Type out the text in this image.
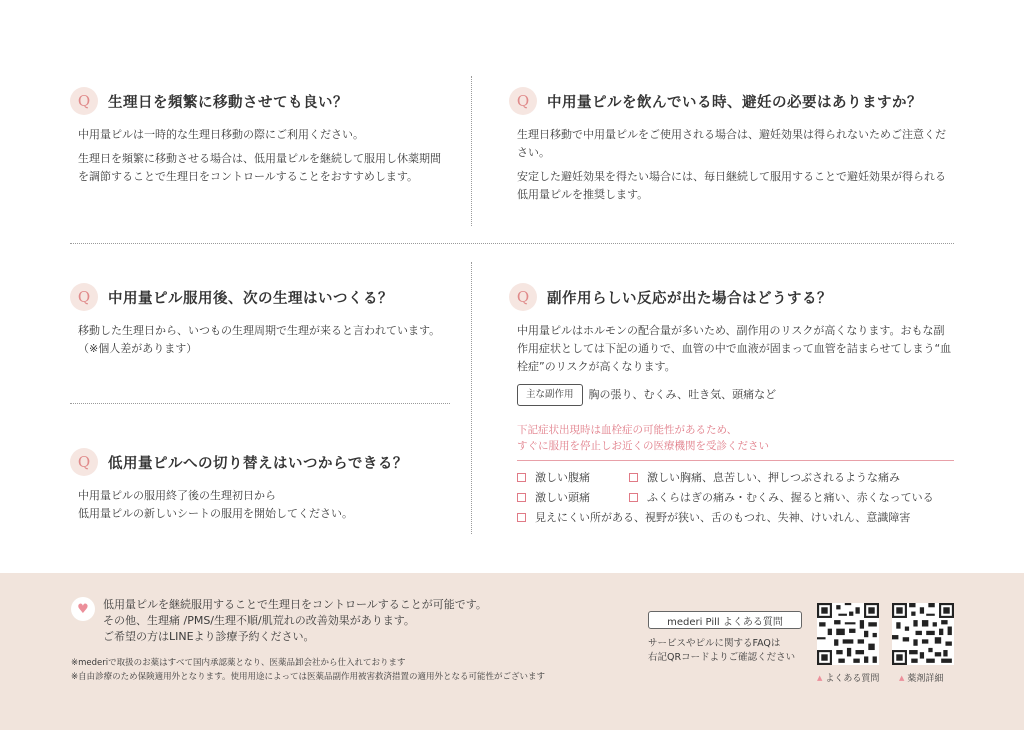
Q	生理日を頻繁に移動させても良い？

中用量ピルは一時的な生理日移動の際にご利用ください。

生理日を頻繁に移動させる場合は、低用量ピルを継続して服用し休薬期間を調節することで生理日をコントロールすることをおすすめします。

Q	中用量ピルを飲んでいる時、避妊の必要はありますか？

生理日移動で中用量ピルをご使用される場合は、避妊効果は得られないためご注意ください。

安定した避妊効果を得たい場合には、毎日継続して服用することで避妊効果が得られる低用量ピルを推奨します。

Q	中用量ピル服用後、次の生理はいつくる？

移動した生理日から、いつもの生理周期で生理が来ると言われています。（※個人差があります）

Q	副作用らしい反応が出た場合はどうする？

中用量ピルはホルモンの配合量が多いため、副作用のリスクが高くなります。おもな副作用症状としては下記の通りで、血管の中で血液が固まって血管を詰まらせてしまう“血栓症”のリスクが高くなります。

主な副作用	胸の張り、むくみ、吐き気、頭痛など
下記症状出現時は血栓症の可能性があるため、
すぐに服用を停止しお近くの医療機関を受診ください
激しい腹痛	激しい胸痛、息苦しい、押しつぶされるような痛み
激しい頭痛	ふくらはぎの痛み・むくみ、握ると痛い、赤くなっている
見えにくい所がある、視野が狭い、舌のもつれ、失神、けいれん、意識障害
Q	低用量ピルへの切り替えはいつからできる？
中用量ピルの服用終了後の生理初日から
低用量ピルの新しいシートの服用を開始してください。
♥	低用量ピルを継続服用することで生理日をコントロールすることが可能です。
その他、生理痛 /PMS/生理不順/肌荒れの改善効果があります。
ご希望の方はLINEより診療予約ください。
※mederiで取扱のお薬はすべて国内承認薬となり、医薬品卸会社から仕入れております
※自由診療のため保険適用外となります。使用用途によっては医薬品副作用被害救済措置の適用外となる可能性がございます
mederi Pill よくある質問
サービスやピルに関するFAQは
右記QRコードよりご確認ください
▲ よくある質問	▲ 薬剤詳細
